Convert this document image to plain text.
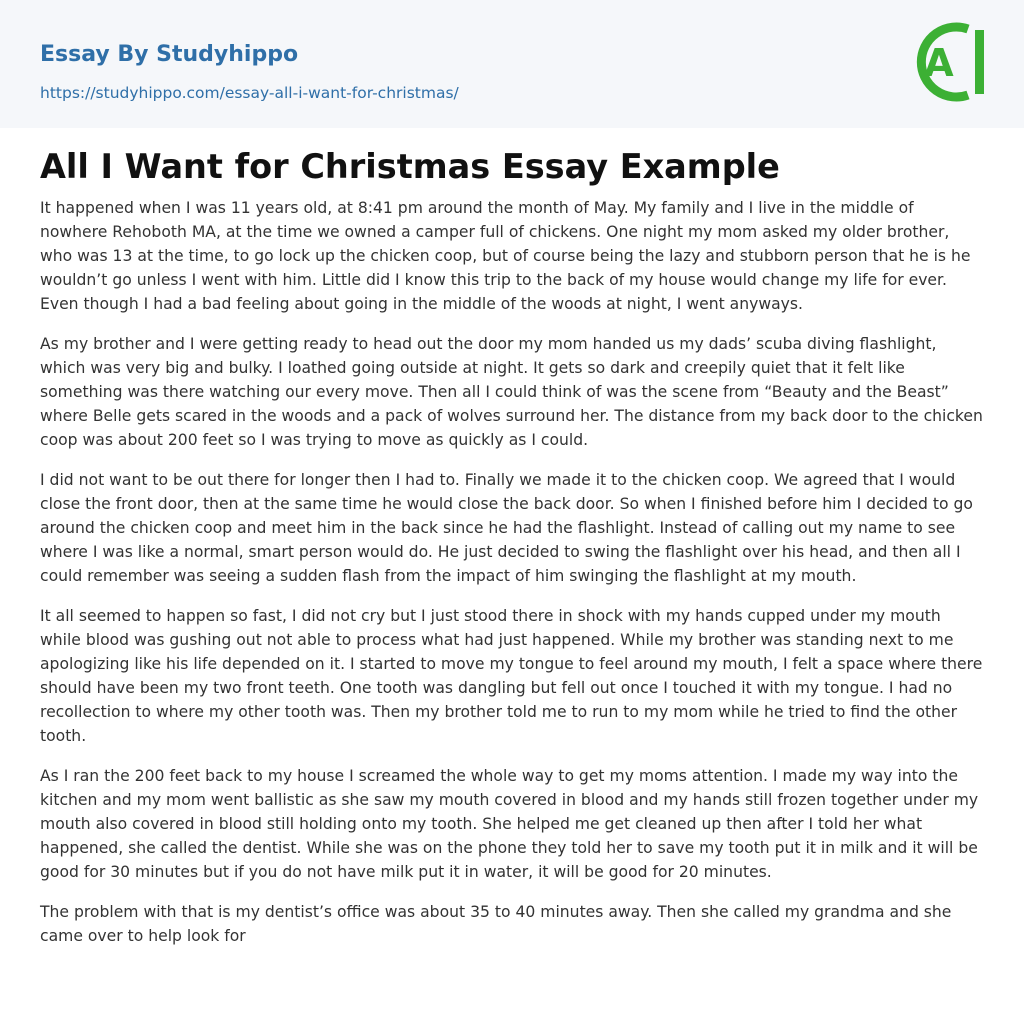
Essay By Studyhippo
https://studyhippo.com/essay-all-i-want-for-christmas/
A
All I Want for Christmas Essay Example

It happened when I was 11 years old, at 8:41 pm around the month of May. My family and I live in the middle of nowhere Rehoboth MA, at the time we owned a camper full of chickens. One night my mom asked my older brother, who was 13 at the time, to go lock up the chicken coop, but of course being the lazy and stubborn person that he is he wouldn’t go unless I went with him. Little did I know this trip to the back of my house would change my life for ever. Even though I had a bad feeling about going in the middle of the woods at night, I went anyways.

As my brother and I were getting ready to head out the door my mom handed us my dads’ scuba diving flashlight, which was very big and bulky. I loathed going outside at night. It gets so dark and creepily quiet that it felt like something was there watching our every move. Then all I could think of was the scene from “Beauty and the Beast” where Belle gets scared in the woods and a pack of wolves surround her. The distance from my back door to the chicken coop was about 200 feet so I was trying to move as quickly as I could.

I did not want to be out there for longer then I had to. Finally we made it to the chicken coop. We agreed that I would close the front door, then at the same time he would close the back door. So when I finished before him I decided to go around the chicken coop and meet him in the back since he had the flashlight. Instead of calling out my name to see where I was like a normal, smart person would do. He just decided to swing the flashlight over his head, and then all I could remember was seeing a sudden flash from the impact of him swinging the flashlight at my mouth.

It all seemed to happen so fast, I did not cry but I just stood there in shock with my hands cupped under my mouth while blood was gushing out not able to process what had just happened. While my brother was standing next to me apologizing like his life depended on it. I started to move my tongue to feel around my mouth, I felt a space where there should have been my two front teeth. One tooth was dangling but fell out once I touched it with my tongue. I had no recollection to where my other tooth was. Then my brother told me to run to my mom while he tried to find the other tooth.

As I ran the 200 feet back to my house I screamed the whole way to get my moms attention. I made my way into the kitchen and my mom went ballistic as she saw my mouth covered in blood and my hands still frozen together under my mouth also covered in blood still holding onto my tooth. She helped me get cleaned up then after I told her what happened, she called the dentist. While she was on the phone they told her to save my tooth put it in milk and it will be good for 30 minutes but if you do not have milk put it in water, it will be good for 20 minutes.

The problem with that is my dentist’s office was about 35 to 40 minutes away. Then she called my grandma and she came over to help look for
